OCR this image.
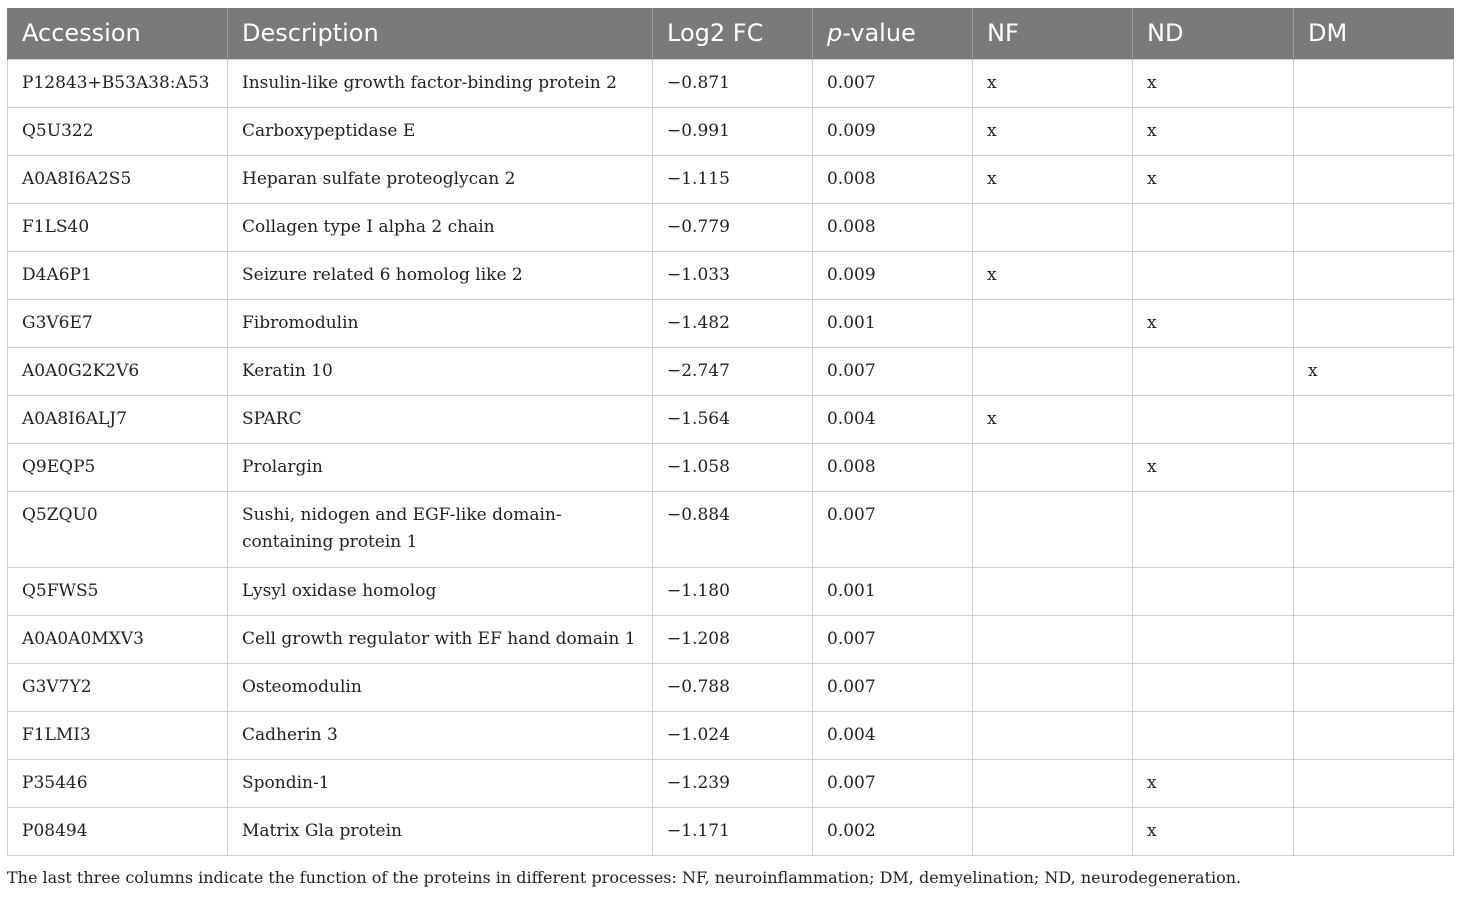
Accession	Description	Log2 FC	p-value	NF	ND	DM
P12843+B53A38:A53	Insulin-like growth factor-binding protein 2	−0.871	0.007	x	x	
Q5U322	Carboxypeptidase E	−0.991	0.009	x	x	
A0A8I6A2S5	Heparan sulfate proteoglycan 2	−1.115	0.008	x	x	
F1LS40	Collagen type I alpha 2 chain	−0.779	0.008			
D4A6P1	Seizure related 6 homolog like 2	−1.033	0.009	x		
G3V6E7	Fibromodulin	−1.482	0.001		x	
A0A0G2K2V6	Keratin 10	−2.747	0.007			x
A0A8I6ALJ7	SPARC	−1.564	0.004	x		
Q9EQP5	Prolargin	−1.058	0.008		x	
Q5ZQU0	Sushi, nidogen and EGF-like domain-containing protein 1	−0.884	0.007			
Q5FWS5	Lysyl oxidase homolog	−1.180	0.001			
A0A0A0MXV3	Cell growth regulator with EF hand domain 1	−1.208	0.007			
G3V7Y2	Osteomodulin	−0.788	0.007			
F1LMI3	Cadherin 3	−1.024	0.004			
P35446	Spondin-1	−1.239	0.007		x	
P08494	Matrix Gla protein	−1.171	0.002		x	
The last three columns indicate the function of the proteins in different processes: NF, neuroinflammation; DM, demyelination; ND, neurodegeneration.
